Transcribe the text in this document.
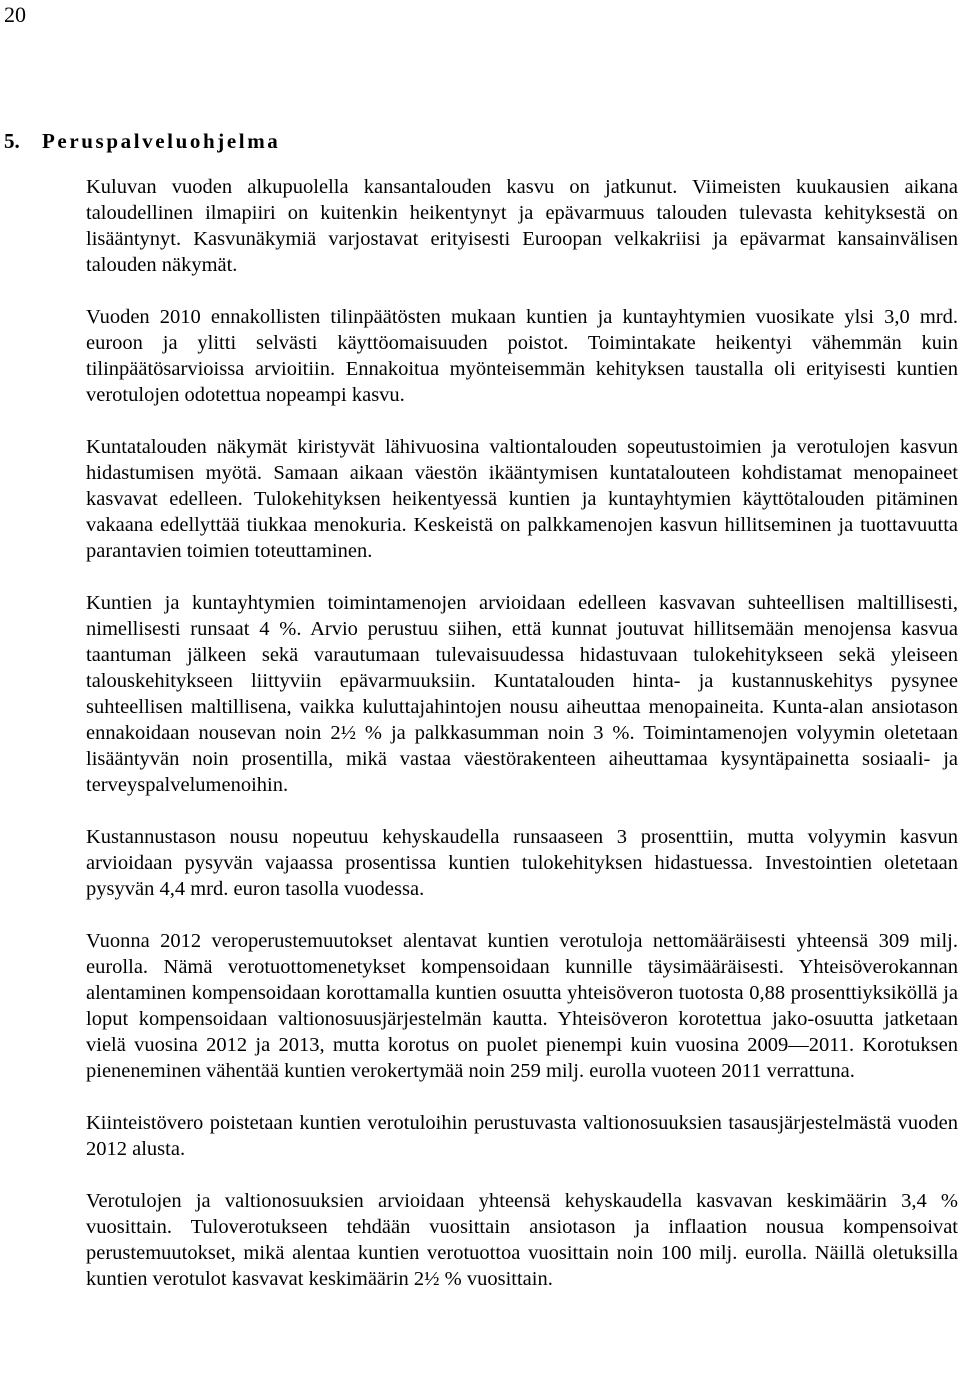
20
5. Peruspalveluohjelma

Kuluvan vuoden alkupuolella kansantalouden kasvu on jatkunut. Viimeisten kuukausien aikana taloudellinen ilmapiiri on kuitenkin heikentynyt ja epävarmuus talouden tulevasta kehityksestä on lisääntynyt. Kasvunäkymiä varjostavat erityisesti Euroopan velkakriisi ja epävarmat kansainvälisen talouden näkymät.

Vuoden 2010 ennakollisten tilinpäätösten mukaan kuntien ja kuntayhtymien vuosikate ylsi 3,0 mrd. euroon ja ylitti selvästi käyttöomaisuuden poistot. Toimintakate heikentyi vähemmän kuin tilinpäätösarvioissa arvioitiin. Ennakoitua myönteisemmän kehityksen taustalla oli erityisesti kuntien verotulojen odotettua nopeampi kasvu.

Kuntatalouden näkymät kiristyvät lähivuosina valtiontalouden sopeutustoimien ja verotulojen kasvun hidastumisen myötä. Samaan aikaan väestön ikääntymisen kuntatalouteen kohdistamat menopaineet kasvavat edelleen. Tulokehityksen heikentyessä kuntien ja kuntayhtymien käyttötalouden pitäminen vakaana edellyttää tiukkaa menokuria. Keskeistä on palkkamenojen kasvun hillitseminen ja tuottavuutta parantavien toimien toteuttaminen.

Kuntien ja kuntayhtymien toimintamenojen arvioidaan edelleen kasvavan suhteellisen maltillisesti, nimellisesti runsaat 4 %. Arvio perustuu siihen, että kunnat joutuvat hillitsemään menojensa kasvua taantuman jälkeen sekä varautumaan tulevaisuudessa hidastuvaan tulokehitykseen sekä yleiseen talouskehitykseen liittyviin epävarmuuksiin. Kuntatalouden hinta- ja kustannuskehitys pysynee suhteellisen maltillisena, vaikka kuluttajahintojen nousu aiheuttaa menopaineita. Kunta-alan ansiotason ennakoidaan nousevan noin 2½ % ja palkkasumman noin 3 %. Toimintamenojen volyymin oletetaan lisääntyvän noin prosentilla, mikä vastaa väestörakenteen aiheuttamaa kysyntäpainetta sosiaali- ja terveyspalvelumenoihin.

Kustannustason nousu nopeutuu kehyskaudella runsaaseen 3 prosenttiin, mutta volyymin kasvun arvioidaan pysyvän vajaassa prosentissa kuntien tulokehityksen hidastuessa. Investointien oletetaan pysyvän 4,4 mrd. euron tasolla vuodessa.

Vuonna 2012 veroperustemuutokset alentavat kuntien verotuloja nettomääräisesti yhteensä 309 milj. eurolla. Nämä verotuottomenetykset kompensoidaan kunnille täysimääräisesti. Yhteisöverokannan alentaminen kompensoidaan korottamalla kuntien osuutta yhteisöveron tuotosta 0,88 prosenttiyksiköllä ja loput kompensoidaan valtionosuusjärjestelmän kautta. Yhteisöveron korotettua jako-osuutta jatketaan vielä vuosina 2012 ja 2013, mutta korotus on puolet pienempi kuin vuosina 2009—2011. Korotuksen pieneneminen vähentää kuntien verokertymää noin 259 milj. eurolla vuoteen 2011 verrattuna.

Kiinteistövero poistetaan kuntien verotuloihin perustuvasta valtionosuuksien tasausjärjestelmästä vuoden 2012 alusta.

Verotulojen ja valtionosuuksien arvioidaan yhteensä kehyskaudella kasvavan keskimäärin 3,4 % vuosittain. Tuloverotukseen tehdään vuosittain ansiotason ja inflaation nousua kompensoivat perustemuutokset, mikä alentaa kuntien verotuottoa vuosittain noin 100 milj. eurolla. Näillä oletuksilla kuntien verotulot kasvavat keskimäärin 2½ % vuosittain.
